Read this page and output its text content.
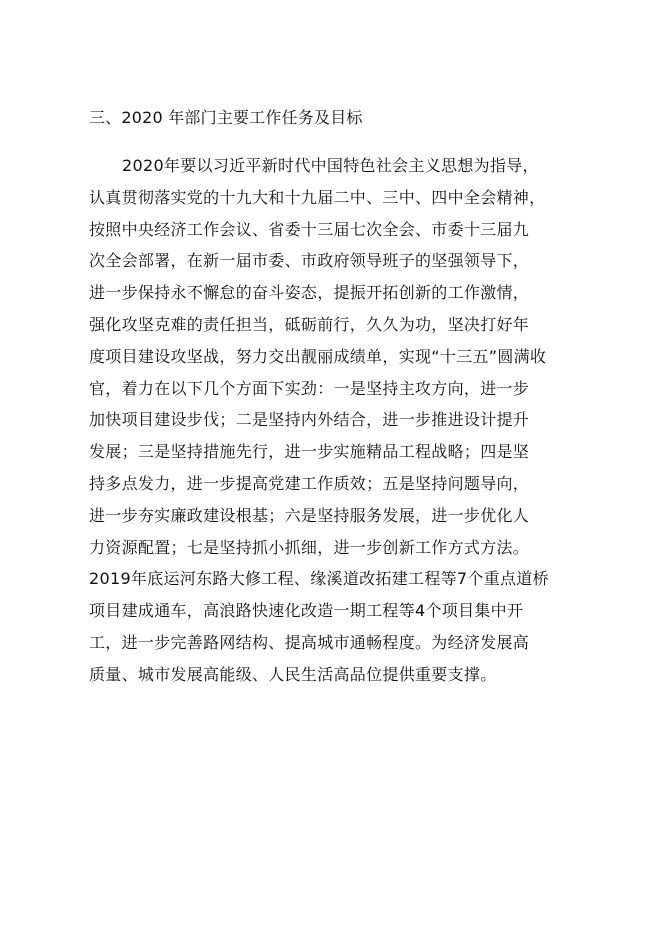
三、2020 年部门主要工作任务及目标
2020年要以习近平新时代中国特色社会主义思想为指导，
认真贯彻落实党的十九大和十九届二中、三中、四中全会精神，
按照中央经济工作会议、省委十三届七次全会、市委十三届九
次全会部署，在新一届市委、市政府领导班子的坚强领导下，
进一步保持永不懈怠的奋斗姿态，提振开拓创新的工作激情，
强化攻坚克难的责任担当，砥砺前行，久久为功，坚决打好年
度项目建设攻坚战，努力交出靓丽成绩单，实现“十三五”圆满收
官，着力在以下几个方面下实劲：一是坚持主攻方向，进一步
加快项目建设步伐；二是坚持内外结合，进一步推进设计提升
发展；三是坚持措施先行，进一步实施精品工程战略；四是坚
持多点发力，进一步提高党建工作质效；五是坚持问题导向，
进一步夯实廉政建设根基；六是坚持服务发展，进一步优化人
力资源配置；七是坚持抓小抓细，进一步创新工作方式方法。
2019年底运河东路大修工程、缘溪道改拓建工程等7个重点道桥
项目建成通车，高浪路快速化改造一期工程等4个项目集中开
工，进一步完善路网结构、提高城市通畅程度。为经济发展高
质量、城市发展高能级、人民生活高品位提供重要支撑。
